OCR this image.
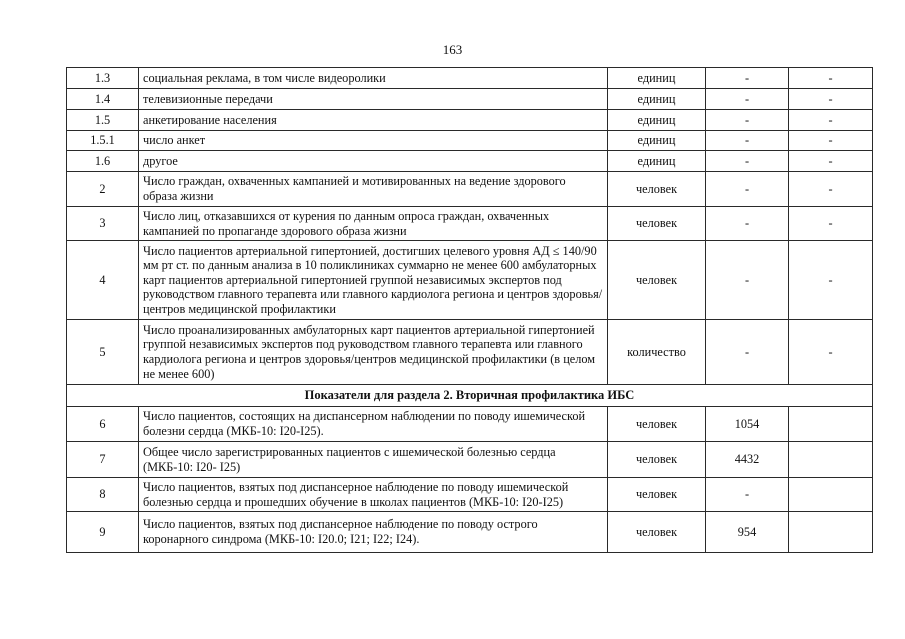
163
1.3	социальная реклама, в том числе видеоролики	единиц	-	-
1.4	телевизионные передачи	единиц	-	-
1.5	анкетирование населения	единиц	-	-
1.5.1	число анкет	единиц	-	-
1.6	другое	единиц	-	-
2	Число граждан, охваченных кампанией и мотивированных на ведение здорового образа жизни	человек	-	-
3	Число лиц, отказавшихся от курения по данным опроса граждан, охваченных кампанией по пропаганде здорового образа жизни	человек	-	-
4	Число пациентов артериальной гипертонией, достигших целевого уровня АД ≤ 140/90 мм рт ст. по данным анализа в 10 поликлиниках суммарно не менее 600 амбулаторных карт пациентов артериальной гипертонией группой независимых экспертов под руководством главного терапевта или главного кардиолога региона и центров здоровья/центров медицинской профилактики	человек	-	-
5	Число проанализированных амбулаторных карт пациентов артериальной гипертонией группой независимых экспертов под руководством главного терапевта или главного кардиолога региона и центров здоровья/центров медицинской профилактики (в целом не менее 600)	количество	-	-
Показатели для раздела 2. Вторичная профилактика ИБС				
6	Число пациентов, состоящих на диспансерном наблюдении по поводу ишемической болезни сердца (МКБ-10: I20-I25).	человек	1054	
7	Общее число зарегистрированных пациентов с ишемической болезнью сердца (МКБ-10: I20- I25)	человек	4432	
8	Число пациентов, взятых под диспансерное наблюдение по поводу ишемической болезнью сердца и прошедших обучение в школах пациентов (МКБ-10: I20-I25)	человек	-	
9	Число пациентов, взятых под диспансерное наблюдение по поводу острого коронарного синдрома (МКБ-10: I20.0; I21; I22; I24).	человек	954	
